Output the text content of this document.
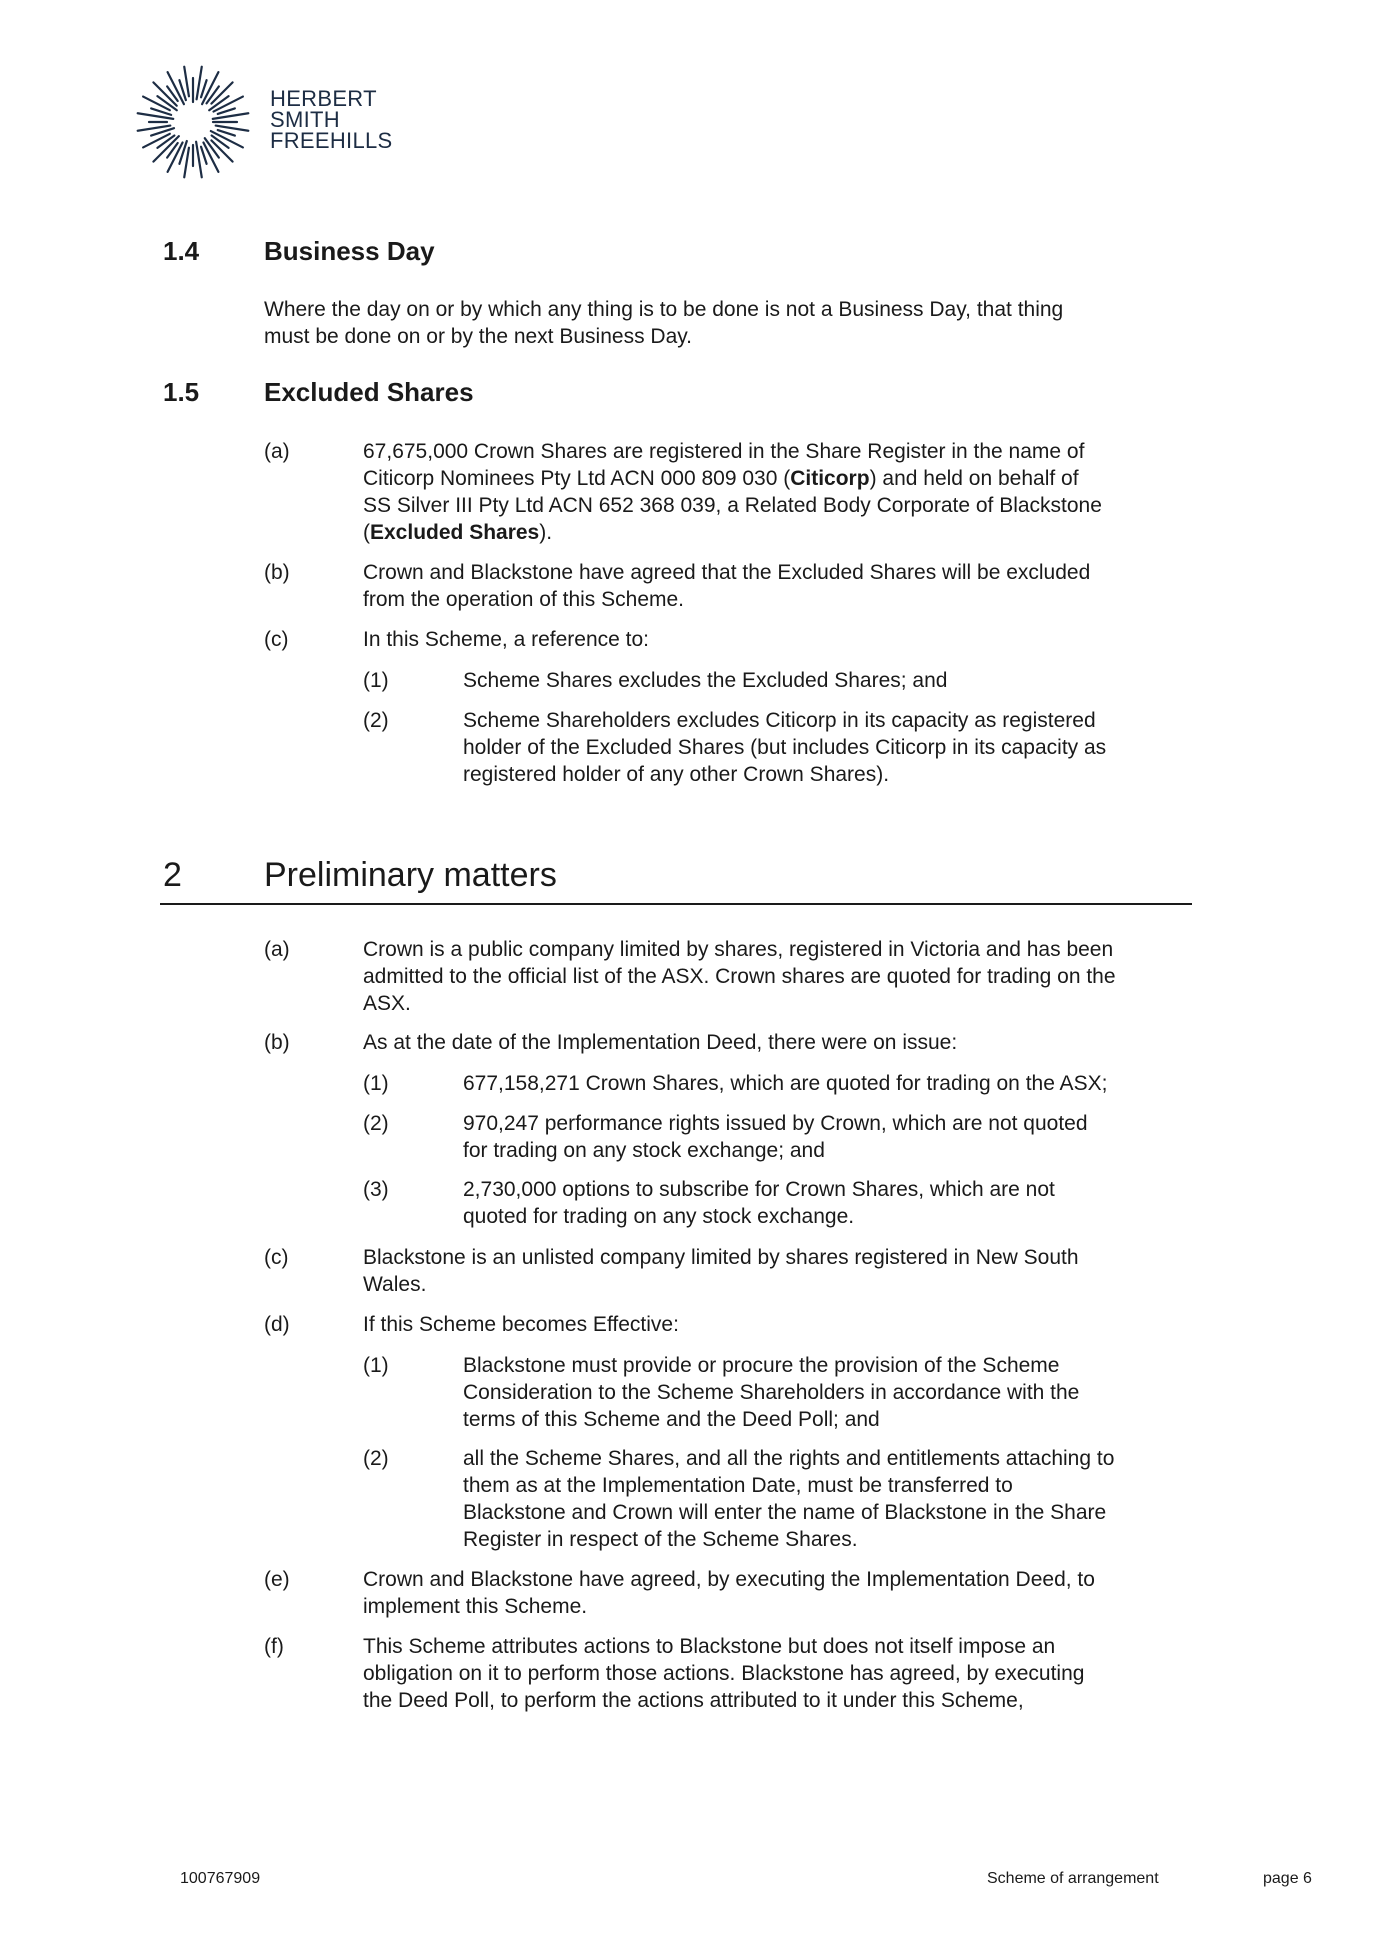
HERBERT
SMITH
FREEHILLS
1.4 Business Day
Where the day on or by which any thing is to be done is not a Business Day, that thing
must be done on or by the next Business Day.
1.5 Excluded Shares
(a)	67,675,000 Crown Shares are registered in the Share Register in the name of
Citicorp Nominees Pty Ltd ACN 000 809 030 (Citicorp) and held on behalf of
SS Silver III Pty Ltd ACN 652 368 039, a Related Body Corporate of Blackstone
(Excluded Shares).
(b)	Crown and Blackstone have agreed that the Excluded Shares will be excluded
from the operation of this Scheme.
(c)	In this Scheme, a reference to:
(1)	Scheme Shares excludes the Excluded Shares; and
(2)	Scheme Shareholders excludes Citicorp in its capacity as registered
holder of the Excluded Shares (but includes Citicorp in its capacity as
registered holder of any other Crown Shares).
2 Preliminary matters
(a)	Crown is a public company limited by shares, registered in Victoria and has been
admitted to the official list of the ASX. Crown shares are quoted for trading on the
ASX.
(b)	As at the date of the Implementation Deed, there were on issue:
(1)	677,158,271 Crown Shares, which are quoted for trading on the ASX;
(2)	970,247 performance rights issued by Crown, which are not quoted
for trading on any stock exchange; and
(3)	2,730,000 options to subscribe for Crown Shares, which are not
quoted for trading on any stock exchange.
(c)	Blackstone is an unlisted company limited by shares registered in New South
Wales.
(d)	If this Scheme becomes Effective:
(1)	Blackstone must provide or procure the provision of the Scheme
Consideration to the Scheme Shareholders in accordance with the
terms of this Scheme and the Deed Poll; and
(2)	all the Scheme Shares, and all the rights and entitlements attaching to
them as at the Implementation Date, must be transferred to
Blackstone and Crown will enter the name of Blackstone in the Share
Register in respect of the Scheme Shares.
(e)	Crown and Blackstone have agreed, by executing the Implementation Deed, to
implement this Scheme.
(f)	This Scheme attributes actions to Blackstone but does not itself impose an
obligation on it to perform those actions. Blackstone has agreed, by executing
the Deed Poll, to perform the actions attributed to it under this Scheme,
100767909	Scheme of arrangement	page 6
